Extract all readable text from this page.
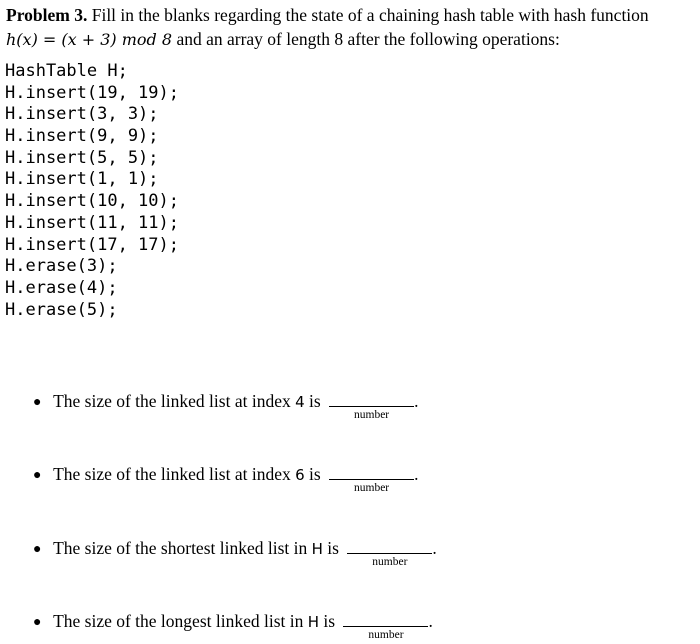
Problem 3. Fill in the blanks regarding the state of a chaining hash table with hash function
h(x) = (x + 3) mod 8 and an array of length 8 after the following operations:
HashTable H;
H.insert(19, 19);
H.insert(3, 3);
H.insert(9, 9);
H.insert(5, 5);
H.insert(1, 1);
H.insert(10, 10);
H.insert(11, 11);
H.insert(17, 17);
H.erase(3);
H.erase(4);
H.erase(5);
● The size of the linked list at index 4 is
number
.
● The size of the linked list at index 6 is
number
.
● The size of the shortest linked list in H is
number
.
● The size of the longest linked list in H is
number
.
